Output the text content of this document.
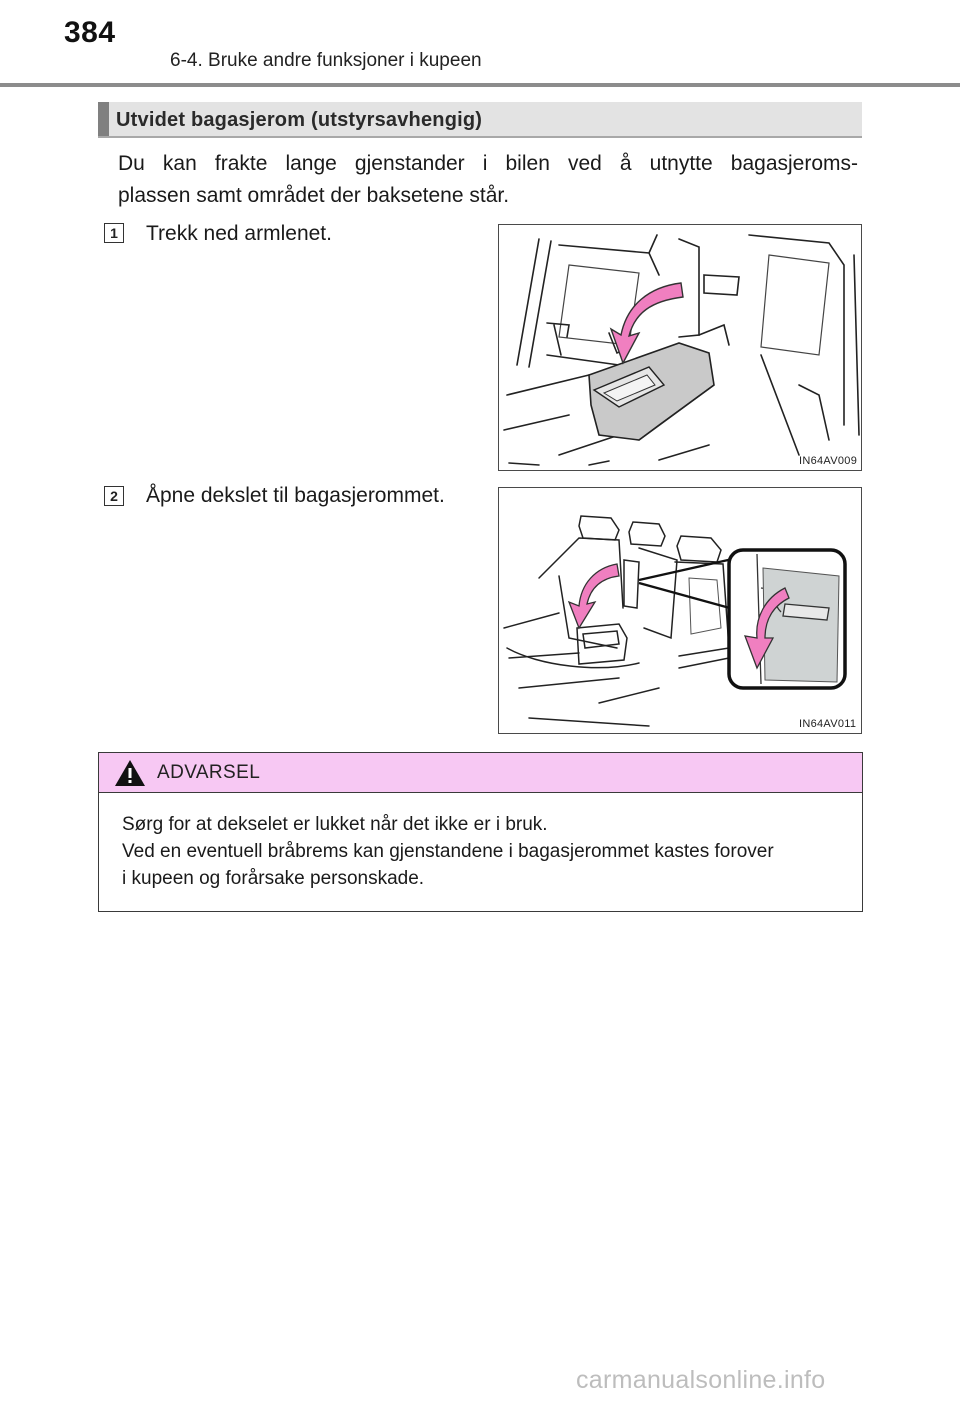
384
6-4. Bruke andre funksjoner i kupeen
Utvidet bagasjerom (utstyrsavhengig)
Du kan frakte lange gjenstander i bilen ved å utnytte bagasjeroms-
plassen samt området der baksetene står.
1 Trekk ned armlenet.
IN64AV009
2 Åpne dekslet til bagasjerommet.
IN64AV011
ADVARSEL

Sørg for at dekselet er lukket når det ikke er i bruk.

Ved en eventuell bråbrems kan gjenstandene i bagasjerommet kastes forover

i kupeen og forårsake personskade.

carmanualsonline.info
